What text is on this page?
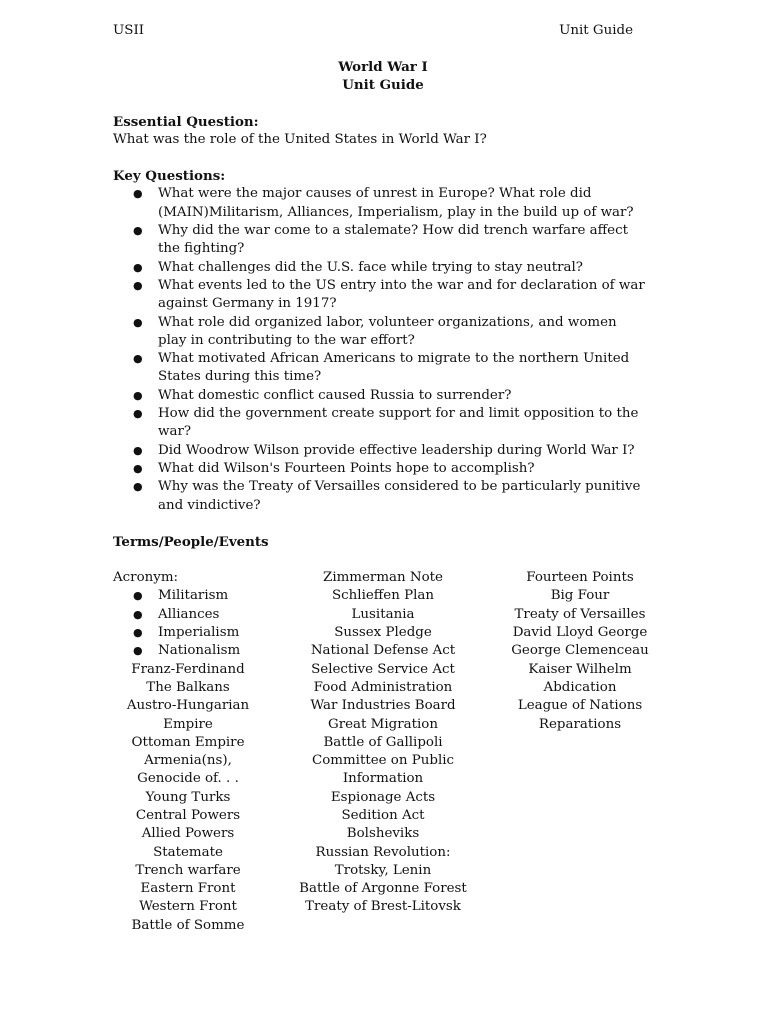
USII	Unit Guide
World War I
Unit Guide
Essential Question:
What was the role of the United States in World War I?
Key Questions:
● What were the major causes of unrest in Europe? What role did (MAIN)Militarism, Alliances, Imperialism, play in the build up of war?
● Why did the war come to a stalemate? How did trench warfare affect the fighting?
● What challenges did the U.S. face while trying to stay neutral?
● What events led to the US entry into the war and for declaration of war against Germany in 1917?
● What role did organized labor, volunteer organizations, and women play in contributing to the war effort?
● What motivated African Americans to migrate to the northern United States during this time?
● What domestic conflict caused Russia to surrender?
● How did the government create support for and limit opposition to the war?
● Did Woodrow Wilson provide effective leadership during World War I?
● What did Wilson's Fourteen Points hope to accomplish?
● Why was the Treaty of Versailles considered to be particularly punitive and vindictive?
Terms/People/Events
Acronym:
● Militarism
● Alliances
● Imperialism
● Nationalism
Franz-Ferdinand
The Balkans
Austro-Hungarian Empire
Ottoman Empire
Armenia(ns), Genocide of. . .
Young Turks
Central Powers
Allied Powers
Statemate
Trench warfare
Eastern Front
Western Front
Battle of Somme
Zimmerman Note
Schlieffen Plan
Lusitania
Sussex Pledge
National Defense Act
Selective Service Act
Food Administration
War Industries Board
Great Migration
Battle of Gallipoli
Committee on Public Information
Espionage Acts
Sedition Act
Bolsheviks
Russian Revolution: Trotsky, Lenin
Battle of Argonne Forest
Treaty of Brest-Litovsk
Fourteen Points
Big Four
Treaty of Versailles
David Lloyd George
George Clemenceau
Kaiser Wilhelm
Abdication
League of Nations
Reparations
